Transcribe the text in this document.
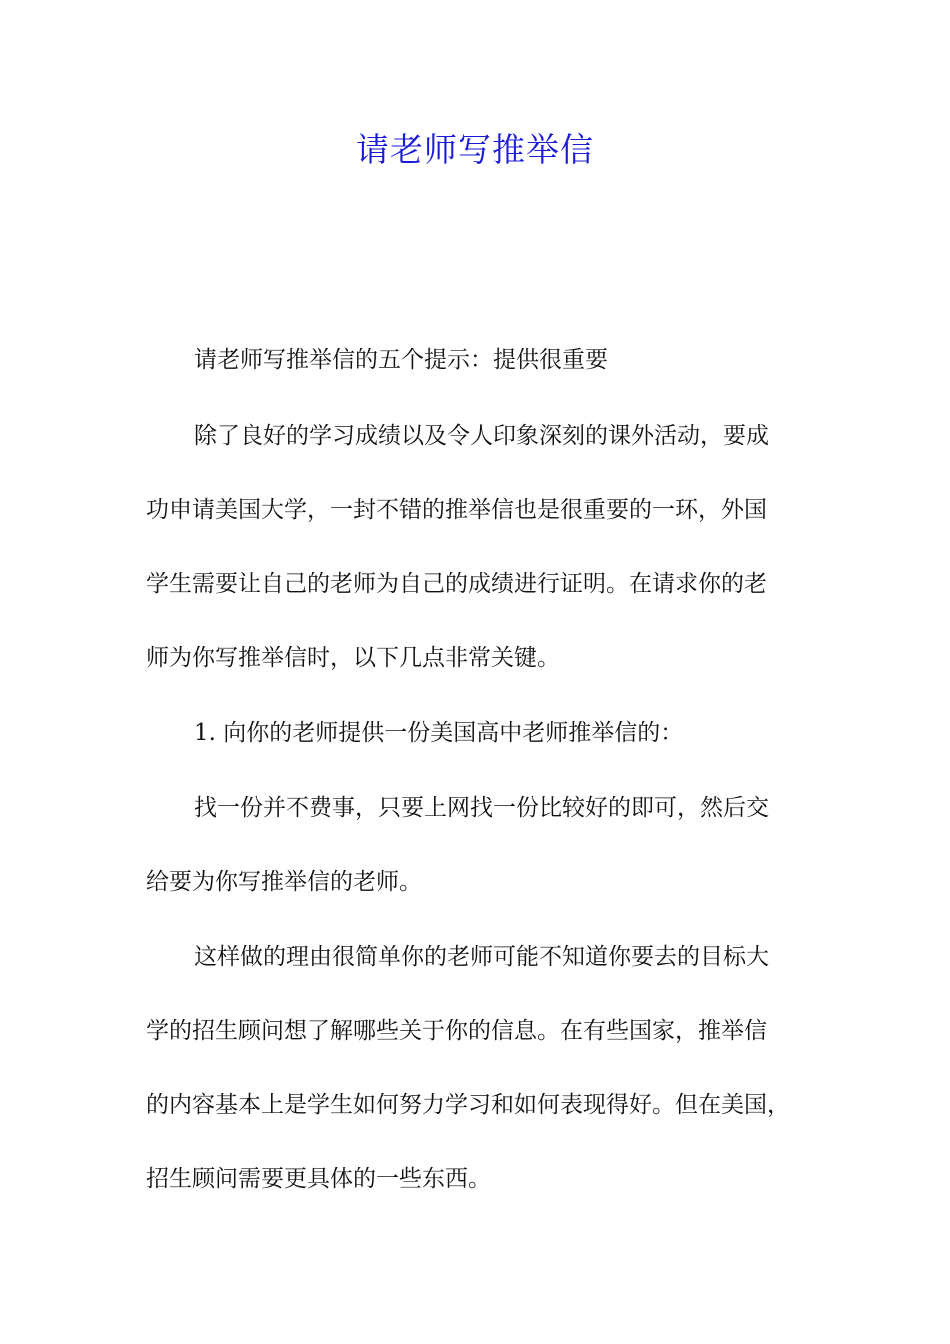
请老师写推举信

请老师写推举信的五个提示：提供很重要

除了良好的学习成绩以及令人印象深刻的课外活动，要成

功申请美国大学，一封不错的推举信也是很重要的一环，外国

学生需要让自己的老师为自己的成绩进行证明。在请求你的老

师为你写推举信时，以下几点非常关键。

1. 向你的老师提供一份美国高中老师推举信的：

找一份并不费事，只要上网找一份比较好的即可，然后交

给要为你写推举信的老师。

这样做的理由很简单你的老师可能不知道你要去的目标大

学的招生顾问想了解哪些关于你的信息。在有些国家，推举信

的内容基本上是学生如何努力学习和如何表现得好。但在美国，

招生顾问需要更具体的一些东西。
